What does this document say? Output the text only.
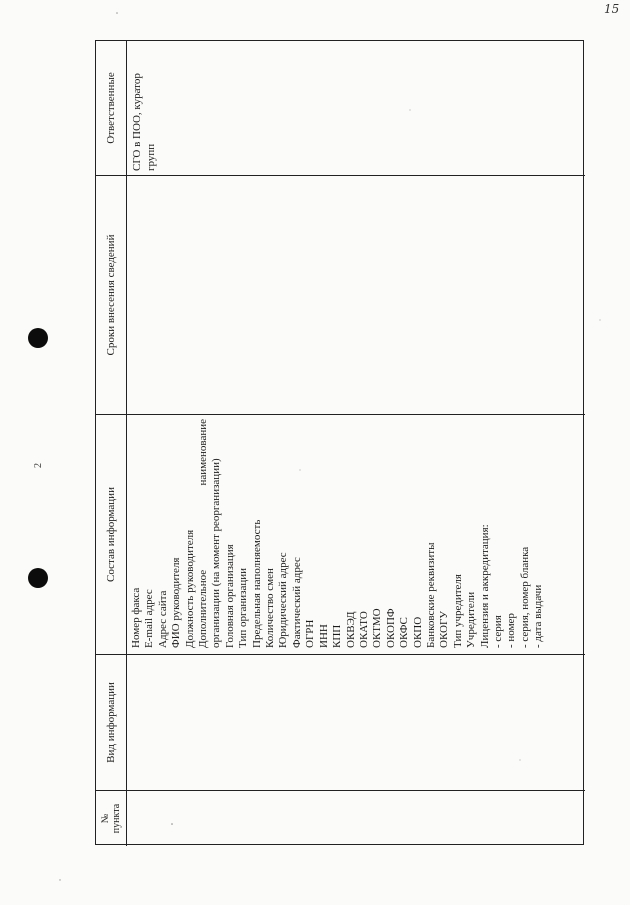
15
2
№ пункта
Вид информации
Состав информации
Сроки внесения сведений
Ответственные
Номер факса E-mail адрес Адрес сайта ФИО руководителя Должность руководителя Дополнительное
наименование
организации (на момент реорганизации) Головная организация Тип организации Предельная наполняемость Количество смен Юридический адрес Фактический адрес ОГРН ИНН КПП ОКВЭД ОКАТО ОКТМО ОКОПФ ОКФС ОКПО Банковские реквизиты ОКОГУ Тип учредителя Учредители Лицензия и аккредитация: - серия - номер - серия, номер бланка - дата выдачи
СГО в ПОО, куратор групп
